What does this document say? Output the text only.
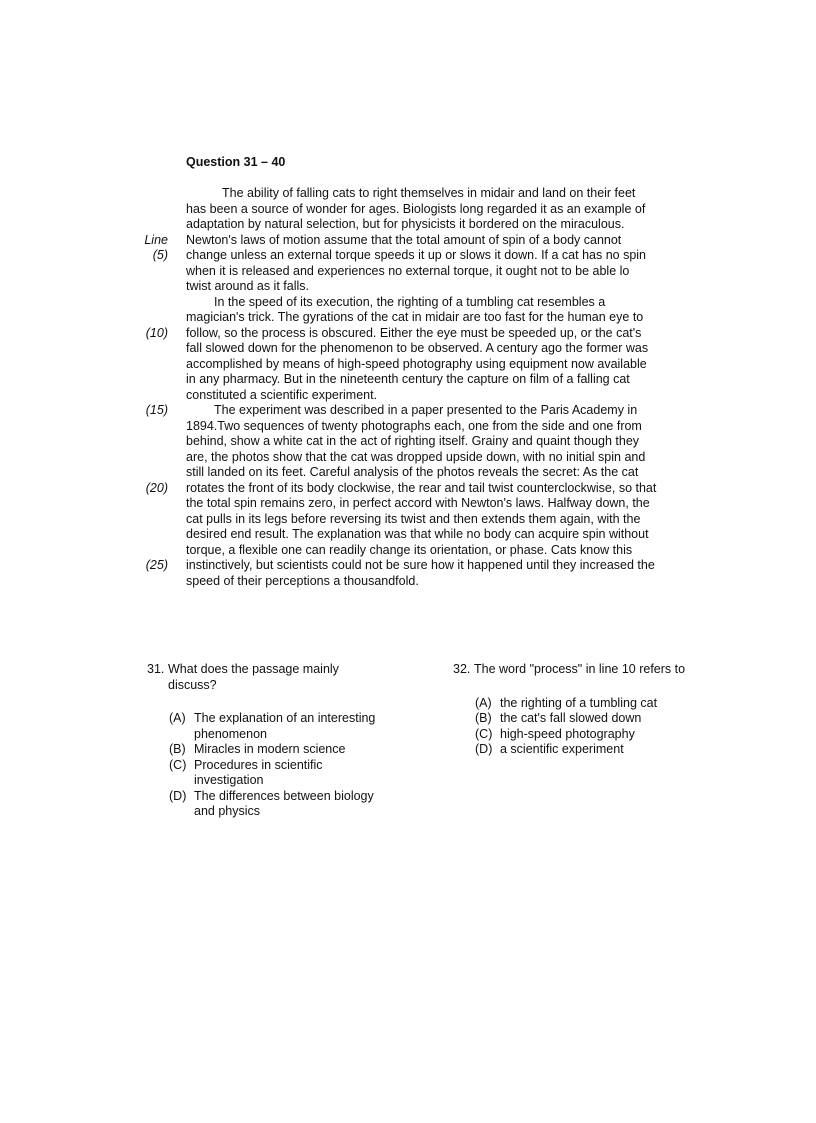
Question 31 – 40
The ability of falling cats to right themselves in midair and land on their feet
has been a source of wonder for ages. Biologists long regarded it as an example of
adaptation by natural selection, but for physicists it bordered on the miraculous.
Line Newton's laws of motion assume that the total amount of spin of a body cannot
(5) change unless an external torque speeds it up or slows it down. If a cat has no spin
when it is released and experiences no external torque, it ought not to be able lo
twist around as it falls.
In the speed of its execution, the righting of a tumbling cat resembles a
magician's trick. The gyrations of the cat in midair are too fast for the human eye to
(10) follow, so the process is obscured. Either the eye must be speeded up, or the cat's
fall slowed down for the phenomenon to be observed. A century ago the former was
accomplished by means of high-speed photography using equipment now available
in any pharmacy. But in the nineteenth century the capture on film of a falling cat
constituted a scientific experiment.
(15)	The experiment was described in a paper presented to the Paris Academy in
1894.Two sequences of twenty photographs each, one from the side and one from
behind, show a white cat in the act of righting itself. Grainy and quaint though they
are, the photos show that the cat was dropped upside down, with no initial spin and
still landed on its feet. Careful analysis of the photos reveals the secret: As the cat
(20) rotates the front of its body clockwise, the rear and tail twist counterclockwise, so that
the total spin remains zero, in perfect accord with Newton's laws. Halfway down, the
cat pulls in its legs before reversing its twist and then extends them again, with the
desired end result. The explanation was that while no body can acquire spin without
torque, a flexible one can readily change its orientation, or phase. Cats know this
(25) instinctively, but scientists could not be sure how it happened until they increased the
speed of their perceptions a thousandfold.

31. What does the passage mainly discuss?

(A) The explanation of an interesting phenomenon
(B) Miracles in modern science
(C) Procedures in scientific investigation
(D) The differences between biology and physics

32. The word "process" in line 10 refers to

(A) the righting of a tumbling cat
(B) the cat's fall slowed down
(C) high-speed photography
(D) a scientific experiment
